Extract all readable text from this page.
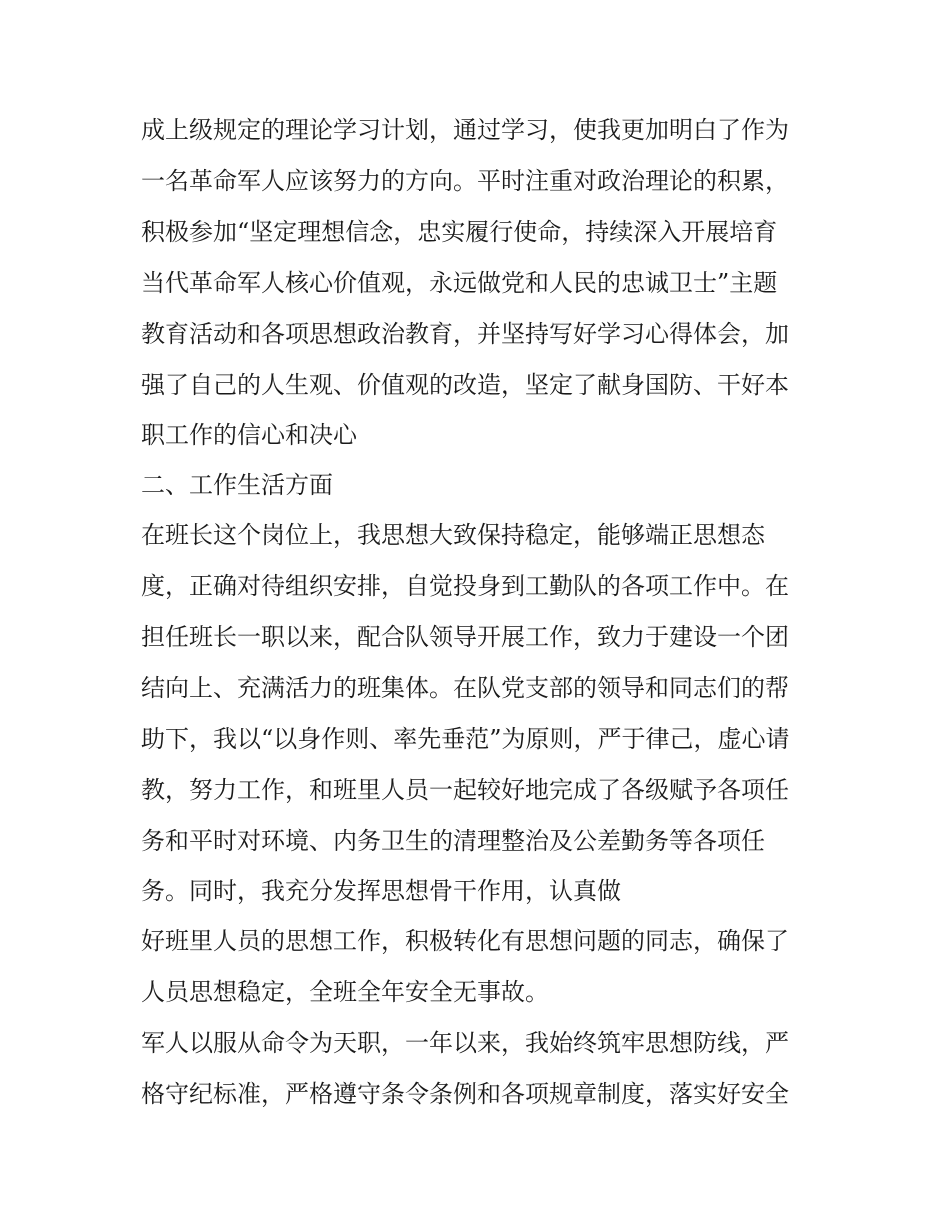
成上级规定的理论学习计划，通过学习，使我更加明白了作为
一名革命军人应该努力的方向。平时注重对政治理论的积累，
积极参加“坚定理想信念，忠实履行使命，持续深入开展培育
当代革命军人核心价值观，永远做党和人民的忠诚卫士”主题
教育活动和各项思想政治教育，并坚持写好学习心得体会，加
强了自己的人生观、价值观的改造，坚定了献身国防、干好本
职工作的信心和决心
二、工作生活方面
在班长这个岗位上，我思想大致保持稳定，能够端正思想态
度，正确对待组织安排，自觉投身到工勤队的各项工作中。在
担任班长一职以来，配合队领导开展工作，致力于建设一个团
结向上、充满活力的班集体。在队党支部的领导和同志们的帮
助下，我以“以身作则、率先垂范”为原则，严于律己，虚心请
教，努力工作，和班里人员一起较好地完成了各级赋予各项任
务和平时对环境、内务卫生的清理整治及公差勤务等各项任
务。同时，我充分发挥思想骨干作用，认真做
好班里人员的思想工作，积极转化有思想问题的同志，确保了
人员思想稳定，全班全年安全无事故。
军人以服从命令为天职，一年以来，我始终筑牢思想防线，严
格守纪标准，严格遵守条令条例和各项规章制度，落实好安全
